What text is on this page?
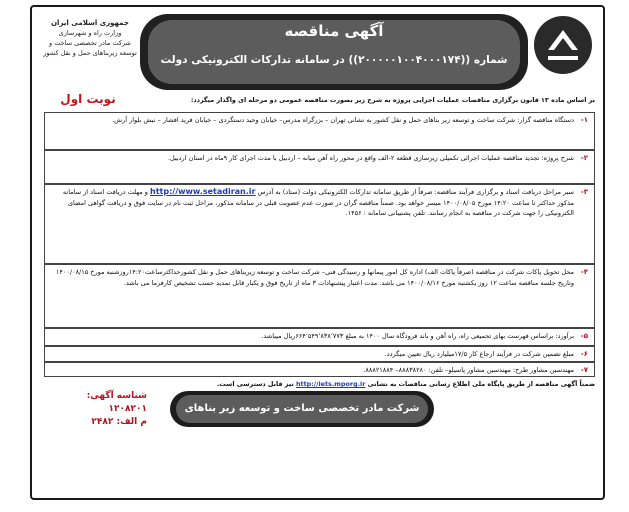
آگهی مناقصه
شماره ((۲۰۰۰۰۰۱۰۰۴۰۰۰۱۷۴)) در سامانه تدارکات الکترونیکی دولت
جمهوری اسلامی ایران
وزارت راه و شهرسازی
شرکت مادر تخصصی ساخت و توسعه زیربناهای حمل و نقل کشور
نوبت اول	بر اساس ماده ۱۳ قانون برگزاری مناقصات عملیات اجرایی پروژه به شرح زیر بصورت مناقصه عمومی دو مرحله ای واگذار میگردد:
۱-
دستگاه مناقصه گزار: شرکت ساخت و توسعه زیر بناهای حمل و نقل کشور به نشانی تهران – بزرگراه مدرس– خیابان وحید دستگردی – خیابان فرید افشار – نبش بلوار آرش.
۲-
شرح پروژه: تجدید مناقصه عملیات اجرائی تکمیلی زیرسازی قطعه ۲-الف واقع در محور راه آهن میانه – اردبیل با مدت اجرای کار ۹ماه در استان اردبیل.
۳-
سیر مراحل دریافت اسناد و برگزاری فرآیند مناقصه: صرفاً از طریق سامانه تدارکات الکترونیکی دولت (ستاد) به آدرس http://www.setadiran.ir و مهلت دریافت اسناد از سامانه مذکور حداکثر تا ساعت ۱۴:۲۰ مورخ ۱۴۰۰/۰۸/۰۵ میسر خواهد بود. ضمناً مناقصه گران در صورت عدم عضویت قبلی در سامانه مذکور، مراحل ثبت نام در سایت فوق و دریافت گواهی امضای الکترونیکی را جهت شرکت در مناقصه به انجام رسانند. تلفن پشتیبانی سامانه : ۱۴۵۶.
۴-
محل تحویل پاکات شرکت در مناقصه (صرفاً پاکات الف) اداره کل امور پیمانها و رسیدگی فنی– شرکت ساخت و توسعه زیربناهای حمل و نقل کشورحداکثرساعت۱۴:۲۰روزشنبه مورخ ۱۴۰۰/۰۸/۱۵ وتاریخ جلسه مناقصه ساعت ۱۲ روز یکشنبه مورخ ۱۴۰۰/۰۸/۱۶ می باشد. مدت اعتبار پیشنهادات ۳ ماه از تاریخ فوق و یکبار قابل تمدید حسب تشخیص کارفرما می باشد.
۵-
برآورد: براساس فهرست بهای تجمیعی راه، راه آهن و باند فرودگاه سال ۱۴۰۰ به مبلغ ۶۶۴٬۵۴۹٬۸۳۸٬۷۷۳ریال میباشد.
۶-
مبلغ تضمین شرکت در فرآیند ارجاع کار ۱۷/۵میلیارد ریال تعیین میگردد.
۷-
مهندسین مشاور طرح: مهندسین مشاور پاسیلو– تلفن: ۸۸۸۳۸۲۸۰– ۸۸۸۲۱۸۸۴.
ضمناً آگهی مناقصه از طریق پایگاه ملی اطلاع رسانی مناقصات به نشانی http://iets.mporg.ir نیز قابل دسترسی است.
شناسه آگهی: ۱۲۰۸۲۰۱
م الف: ۲۴۸۲
شرکت مادر تخصصی ساخت و توسعه زیر بناهای حمل و نقل کشور
